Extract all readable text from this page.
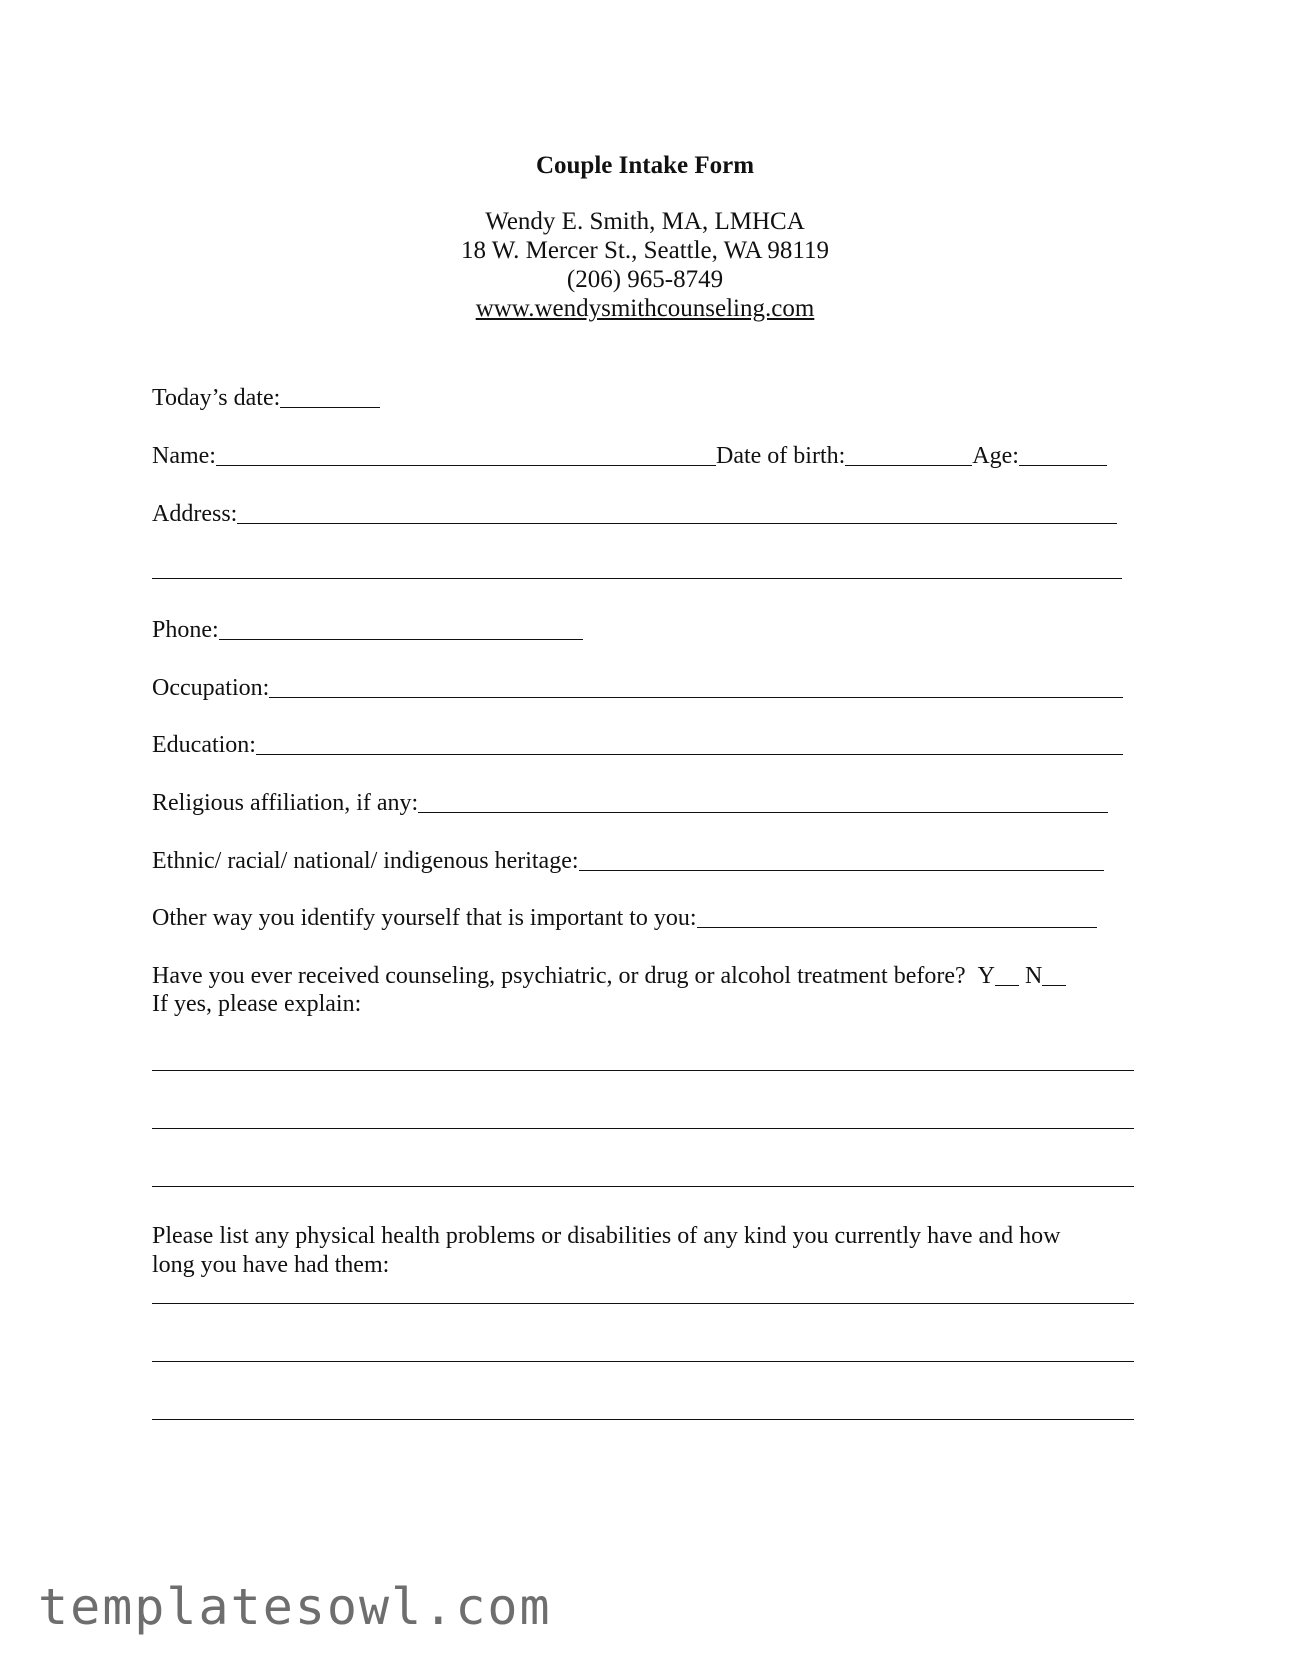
Couple Intake Form
Wendy E. Smith, MA, LMHCA
18 W. Mercer St., Seattle, WA 98119
(206) 965-8749
www.wendysmithcounseling.com
Today’s date:
Name:	Date of birth:	Age:
Address:
Phone:
Occupation:
Education:
Religious affiliation, if any:
Ethnic/ racial/ national/ indigenous heritage:
Other way you identify yourself that is important to you:
Have you ever received counseling, psychiatric, or drug or alcohol treatment before? Y N
If yes, please explain:
Please list any physical health problems or disabilities of any kind you currently have and how
long you have had them:
templatesowl.com
